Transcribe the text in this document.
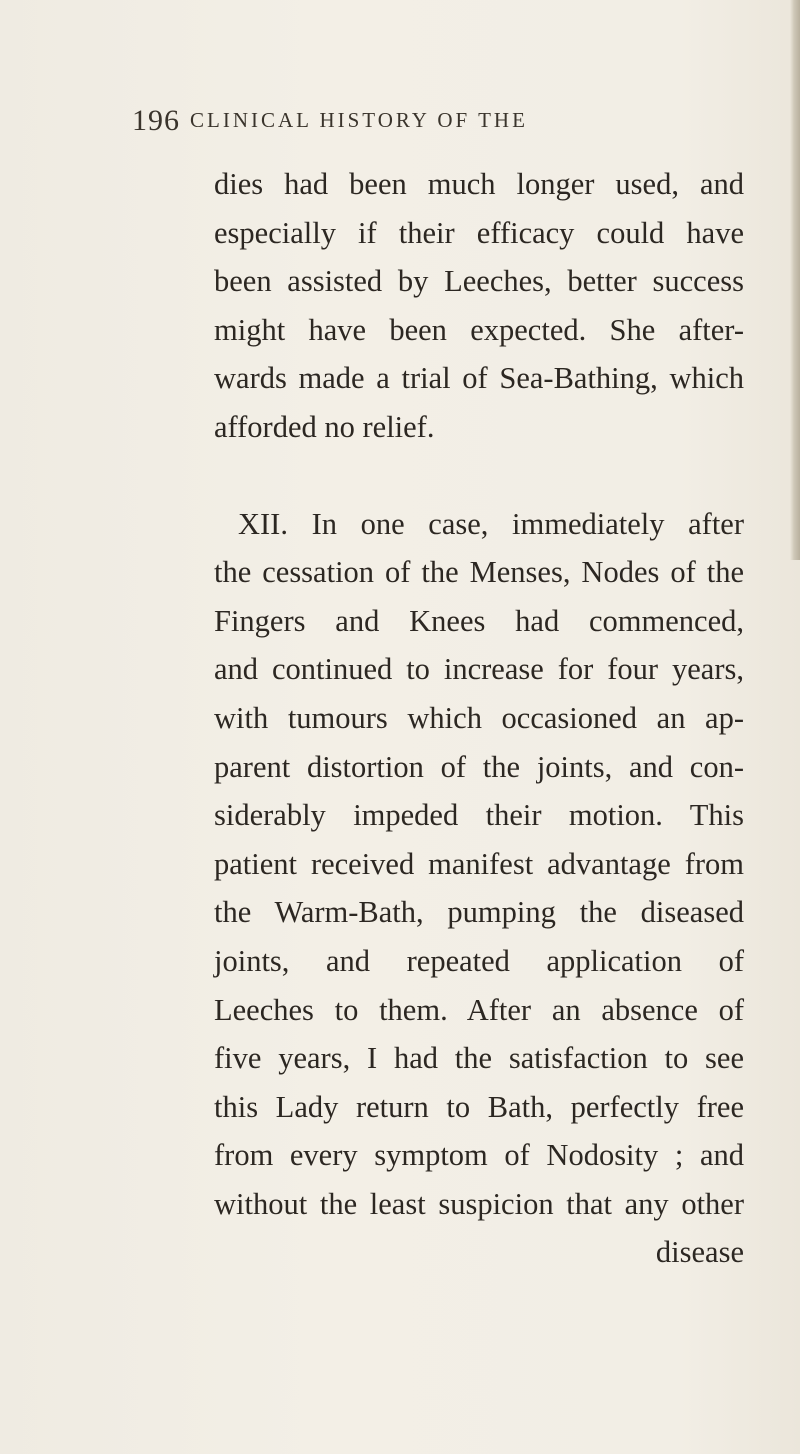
196 CLINICAL HISTORY OF THE
dies had been much longer used, and
especially if their efficacy could have
been assisted by Leeches, better success
might have been expected. She after-
wards made a trial of Sea-Bathing, which
afforded no relief.
XII. In one case, immediately after
the cessation of the Menses, Nodes of the
Fingers and Knees had commenced,
and continued to increase for four years,
with tumours which occasioned an ap-
parent distortion of the joints, and con-
siderably impeded their motion. This
patient received manifest advantage from
the Warm-Bath, pumping the diseased
joints, and repeated application of
Leeches to them. After an absence of
five years, I had the satisfaction to see
this Lady return to Bath, perfectly free
from every symptom of Nodosity ; and
without the least suspicion that any other
disease
